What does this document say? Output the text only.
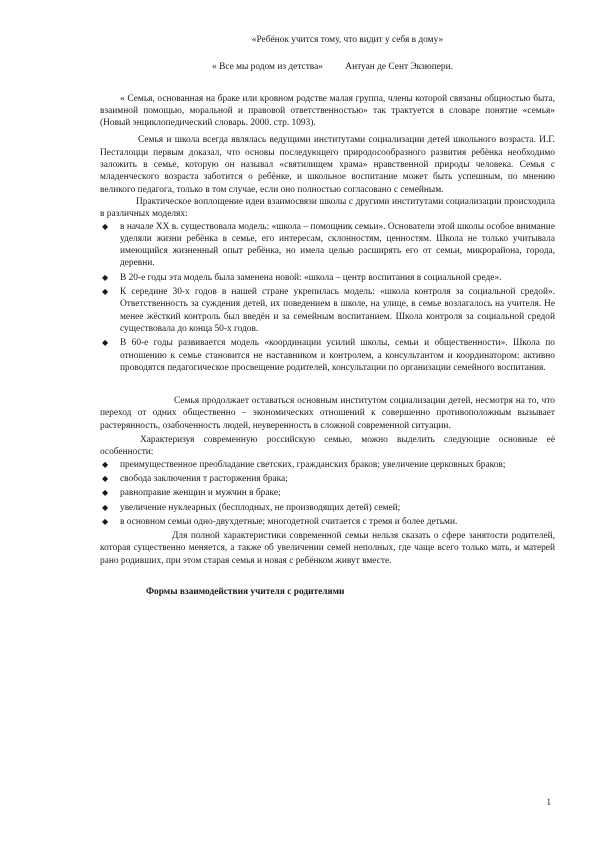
«Ребёнок учится тому, что видит у себя в дому»
« Все мы родом из детства» Антуан де Сент Экзюпери.

« Семья, основанная на браке или кровном родстве малая группа, члены которой связаны общностью быта, взаимной помощью, моральной и правовой ответственностью» так трактуется в словаре понятие «семья» (Новый энциклопедический словарь. 2000. стр. 1093).

Семья и школа всегда являлась ведущими институтами социализации детей школьного возраста. И.Г. Песталоцци первым доказал, что основы последующего природосообразного развития ребёнка необходимо заложить в семье, которую он называл «святилищем храма» нравственной природы человека. Семья с младенческого возраста заботится о ребёнке, и школьное воспитание может быть успешным, по мнению великого педагога, только в том случае, если оно полностью согласовано с семейным.

Практическое воплощение идеи взаимосвязи школы с другими институтами социализации происходила в различных моделях:

◆ в начале XX в. существовала модель: «школа – помощник семьи». Основатели этой школы особое внимание уделяли жизни ребёнка в семье, его интересам, склонностям, ценностям. Школа не только учитывала имеющийся жизненный опыт ребёнка, но имела целью расширять его от семьи, микрорайона, города, деревни.
◆ В 20-е годы эта модель была заменена новой: «школа – центр воспитания в социальной среде».
◆ К середине 30-х годов в нашей стране укрепилась модель: «школа контроля за социальной средой». Ответственность за суждения детей, их поведением в школе, на улице, в семье возлагалось на учителя. Не менее жёсткий контроль был введён и за семейным воспитанием. Школа контроля за социальной средой существовала до конца 50-х годов.
◆ В 60-е годы развивается модель «координации усилий школы, семьи и общественности». Школа по отношению к семье становится не наставником и контролем, а консультантом и координатором: активно проводятся педагогическое просвещение родителей, консультации по организации семейного воспитания.

Семья продолжает оставаться основным институтом социализации детей, несмотря на то, что переход от одних общественно – экономических отношений к совершенно противоположным вызывает растерянность, озабоченность людей, неуверенность в сложной современной ситуации.

Характеризуя современную российскую семью, можно выделить следующие основные её особенности:

◆ преимущественное преобладание светских, гражданских браков; увеличение церковных браков;
◆ свобода заключения т расторжения брака;
◆ равноправие женщин и мужчин в браке;
◆ увеличение нуклеарных (бесплодных, не производящих детей) семей;
◆ в основном семьи одно-двухдетные; многодетной считается с тремя и более детьми.

Для полной характеристики современной семьи нельзя сказать о сфере занятости родителей, которая существенно меняется, а также об увеличении семей неполных, где чаще всего только мать, и матерей рано родивших, при этом старая семья и новая с ребёнком живут вместе.

Формы взаимодействия учителя с родителями
1
